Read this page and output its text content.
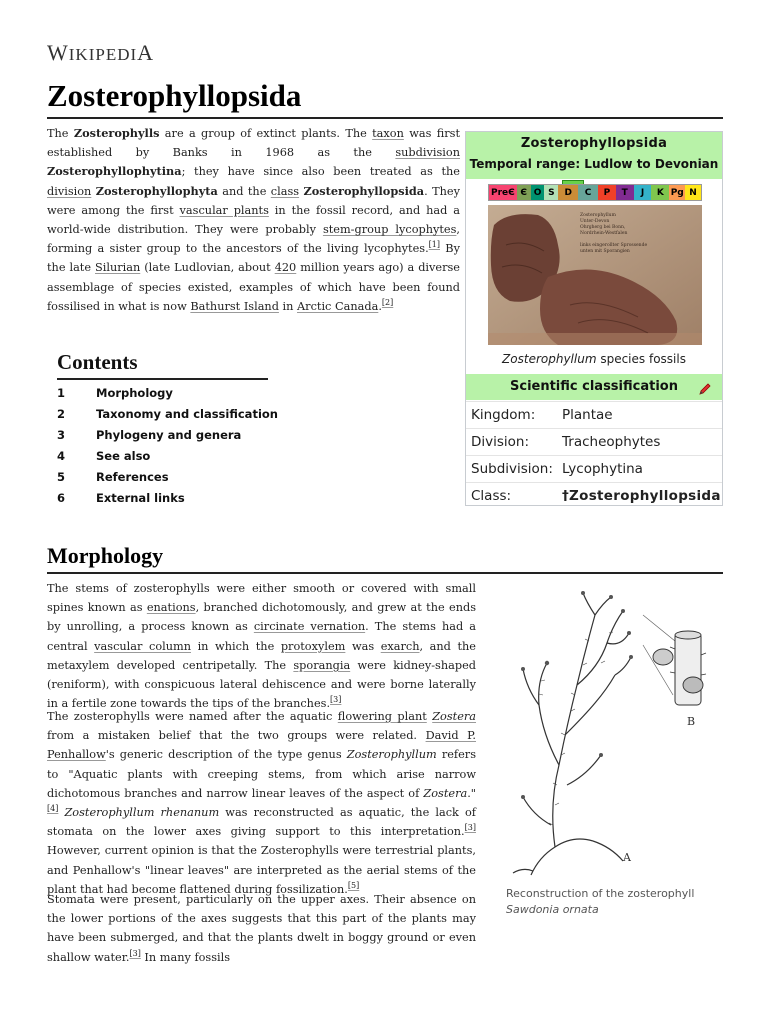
WIKIPEDIA
Zosterophyllopsida

The Zosterophylls are a group of extinct plants. The taxon was first established by Banks in 1968 as the subdivision Zosterophyllophytina; they have since also been treated as the division Zosterophyllophyta and the class Zosterophyllopsida. They were among the first vascular plants in the fossil record, and had a world-wide distribution. They were probably stem-group lycophytes, forming a sister group to the ancestors of the living lycophytes.[1] By the late Silurian (late Ludlovian, about 420 million years ago) a diverse assemblage of species existed, examples of which have been found fossilised in what is now Bathurst Island in Arctic Canada.[2]

Zosterophyllopsida
Temporal range: Ludlow to Devonian
PreЄ Є O S	D	C	P	T	J	K Pg N
Zosterophyllum
Unter-Devon
Ohrgherg bei Bonn,
Nordrhein-Westfalen
links eingerollter Sprossende
unten mit Sporangien
Zosterophyllum species fossils
Scientific classification
Kingdom:	Plantae
Division:	Tracheophytes
Subdivision: Lycophytina
Class:	†Zosterophyllopsida
Contents
1	Morphology
2	Taxonomy and classification
3	Phylogeny and genera
4	See also
5	References
6	External links
Morphology

The stems of zosterophylls were either smooth or covered with small spines known as enations, branched dichotomously, and grew at the ends by unrolling, a process known as circinate vernation. The stems had a central vascular column in which the protoxylem was exarch, and the metaxylem developed centripetally. The sporangia were kidney-shaped (reniform), with conspicuous lateral dehiscence and were borne laterally in a fertile zone towards the tips of the branches.[3]

The zosterophylls were named after the aquatic flowering plant Zostera from a mistaken belief that the two groups were related. David P. Penhallow's generic description of the type genus Zosterophyllum refers to "Aquatic plants with creeping stems, from which arise narrow dichotomous branches and narrow linear leaves of the aspect of Zostera."[4] Zosterophyllum rhenanum was reconstructed as aquatic, the lack of stomata on the lower axes giving support to this interpretation.[3] However, current opinion is that the Zosterophylls were terrestrial plants, and Penhallow's "linear leaves" are interpreted as the aerial stems of the plant that had become flattened during fossilization.[5]

Stomata were present, particularly on the upper axes. Their absence on the lower portions of the axes suggests that this part of the plants may have been submerged, and that the plants dwelt in boggy ground or even shallow water.[3] In many fossils

B
A
Reconstruction of the zosterophyll
Sawdonia ornata
